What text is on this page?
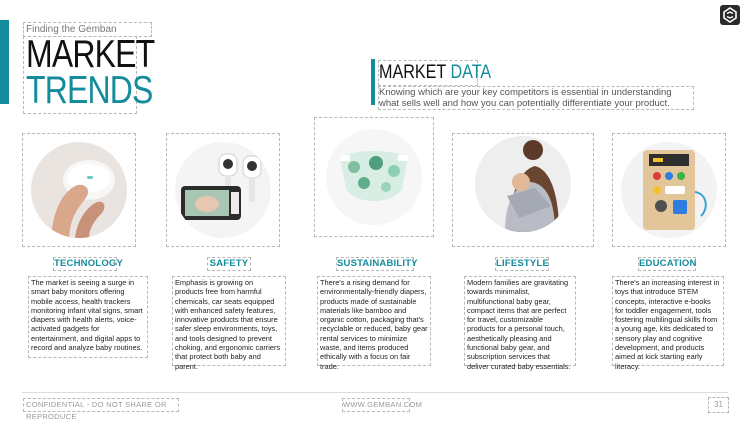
Finding the Gemban
MARKET
TRENDS	MARKET DATA
Knowing which are your key competitors is essential in understanding what sells well and how you can potentially differentiate your product.
TECHNOLOGY
The market is seeing a surge in smart baby monitors offering mobile access, health trackers monitoring infant vital signs, smart diapers with health alerts, voice-activated gadgets for entertainment, and digital apps to record and analyze baby routines.
SAFETY
Emphasis is growing on products free from harmful chemicals, car seats equipped with enhanced safety features, innovative products that ensure safer sleep environments, toys, and tools designed to prevent choking, and ergonomic carriers that protect both baby and parent.
SUSTAINABILITY
There's a rising demand for environmentally-friendly diapers, products made of sustainable materials like bamboo and organic cotton, packaging that's recyclable or reduced, baby gear rental services to minimize waste, and items produced ethically with a focus on fair trade.
LIFESTYLE
Modern families are gravitating towards minimalist, multifunctional baby gear, compact items that are perfect for travel, customizable products for a personal touch, aesthetically pleasing and functional baby gear, and subscription services that deliver curated baby essentials.
EDUCATION
There's an increasing interest in toys that introduce STEM concepts, interactive e-books for toddler engagement, tools fostering multilingual skills from a young age, kits dedicated to sensory play and cognitive development, and products aimed at kick starting early literacy.
CONFIDENTIAL - DO NOT SHARE OR REPRODUCE
WWW.GEMBAN.COM	31
